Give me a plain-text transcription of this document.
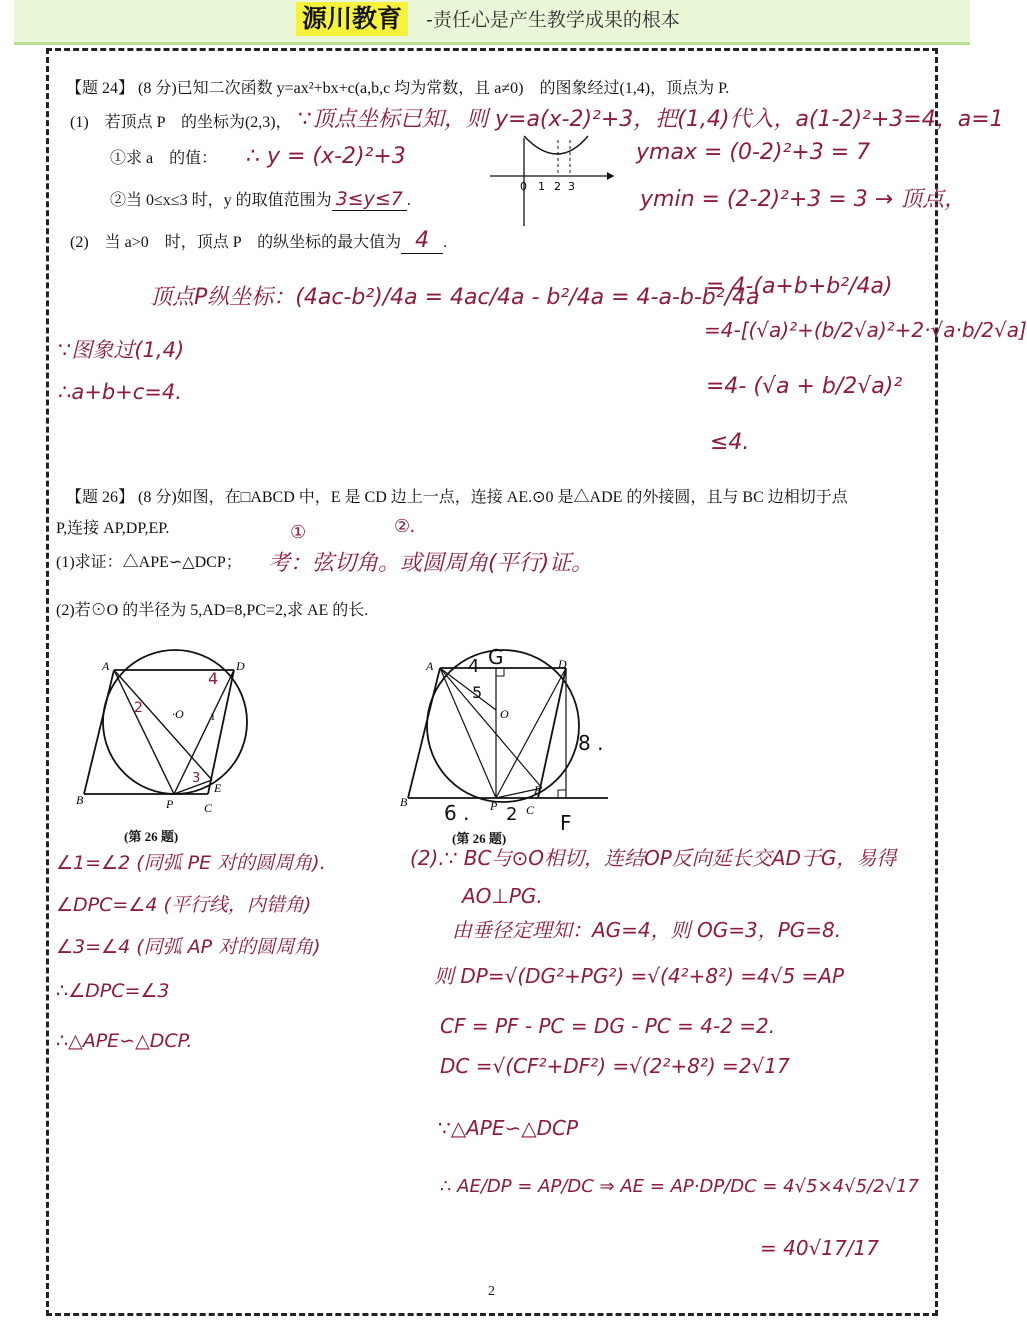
源川教育	-责任心是产生教学成果的根本
【题 24】 (8 分)已知二次函数 y=ax²+bx+c(a,b,c 均为常数，且 a≠0)　的图象经过(1,4)，顶点为 P.
(1)　若顶点 P　的坐标为(2,3)， ∵顶点坐标已知，则 y=a(x-2)²+3，把(1,4)代入，a(1-2)²+3=4，a=1
①求 a　的值： ∴ y = (x-2)²+3	ymax = (0-2)²+3 = 7
0 1 2 3
②当 0≤x≤3 时，y 的取值范围为 3≤y≤7 .	ymin = (2-2)²+3 = 3 → 顶点，
(2)　当 a>0　时，顶点 P　的纵坐标的最大值为 4 .
顶点P纵坐标：(4ac-b²)/4a = 4ac/4a - b²/4a = 4-a-b-b²/4a
= 4-(a+b+b²/4a)
=4-[(√a)²+(b/2√a)²+2·√a·b/2√a]
∵图象过(1,4)
∴a+b+c=4.	=4- (√a + b/2√a)²
≤4.
【题 26】 (8 分)如图，在□ABCD 中，E 是 CD 边上一点，连接 AE.⊙0 是△ADE 的外接圆，且与 BC 边相切于点
P,连接 AP,DP,EP.	①	②.
(1)求证：△APE∽△DCP； 考：弦切角。或圆周角(平行)证。
(2)若⊙O 的半径为 5,AD=8,PC=2,求 AE 的长.
A	D
B	P	C
E
·O 1
2
3
4
(第 26 题)
A	D
B	P C
E
O
G
F
4
5
8 .
6 . 2
(第 26 题)
∠1=∠2 (同弧 PE 对的圆周角).
∠DPC=∠4 (平行线，内错角)
∠3=∠4 (同弧 AP 对的圆周角)
∴∠DPC=∠3
∴△APE∽△DCP.
(2).∵ BC与⊙O相切，连结OP反向延长交AD于G，易得
AO⊥PG.
由垂径定理知：AG=4，则 OG=3，PG=8.
则 DP=√(DG²+PG²) =√(4²+8²) =4√5 =AP
CF = PF - PC = DG - PC = 4-2 =2.
DC =√(CF²+DF²) =√(2²+8²) =2√17
∵△APE∽△DCP
∴ AE/DP = AP/DC ⇒ AE = AP·DP/DC = 4√5×4√5/2√17
= 40√17/17
2
